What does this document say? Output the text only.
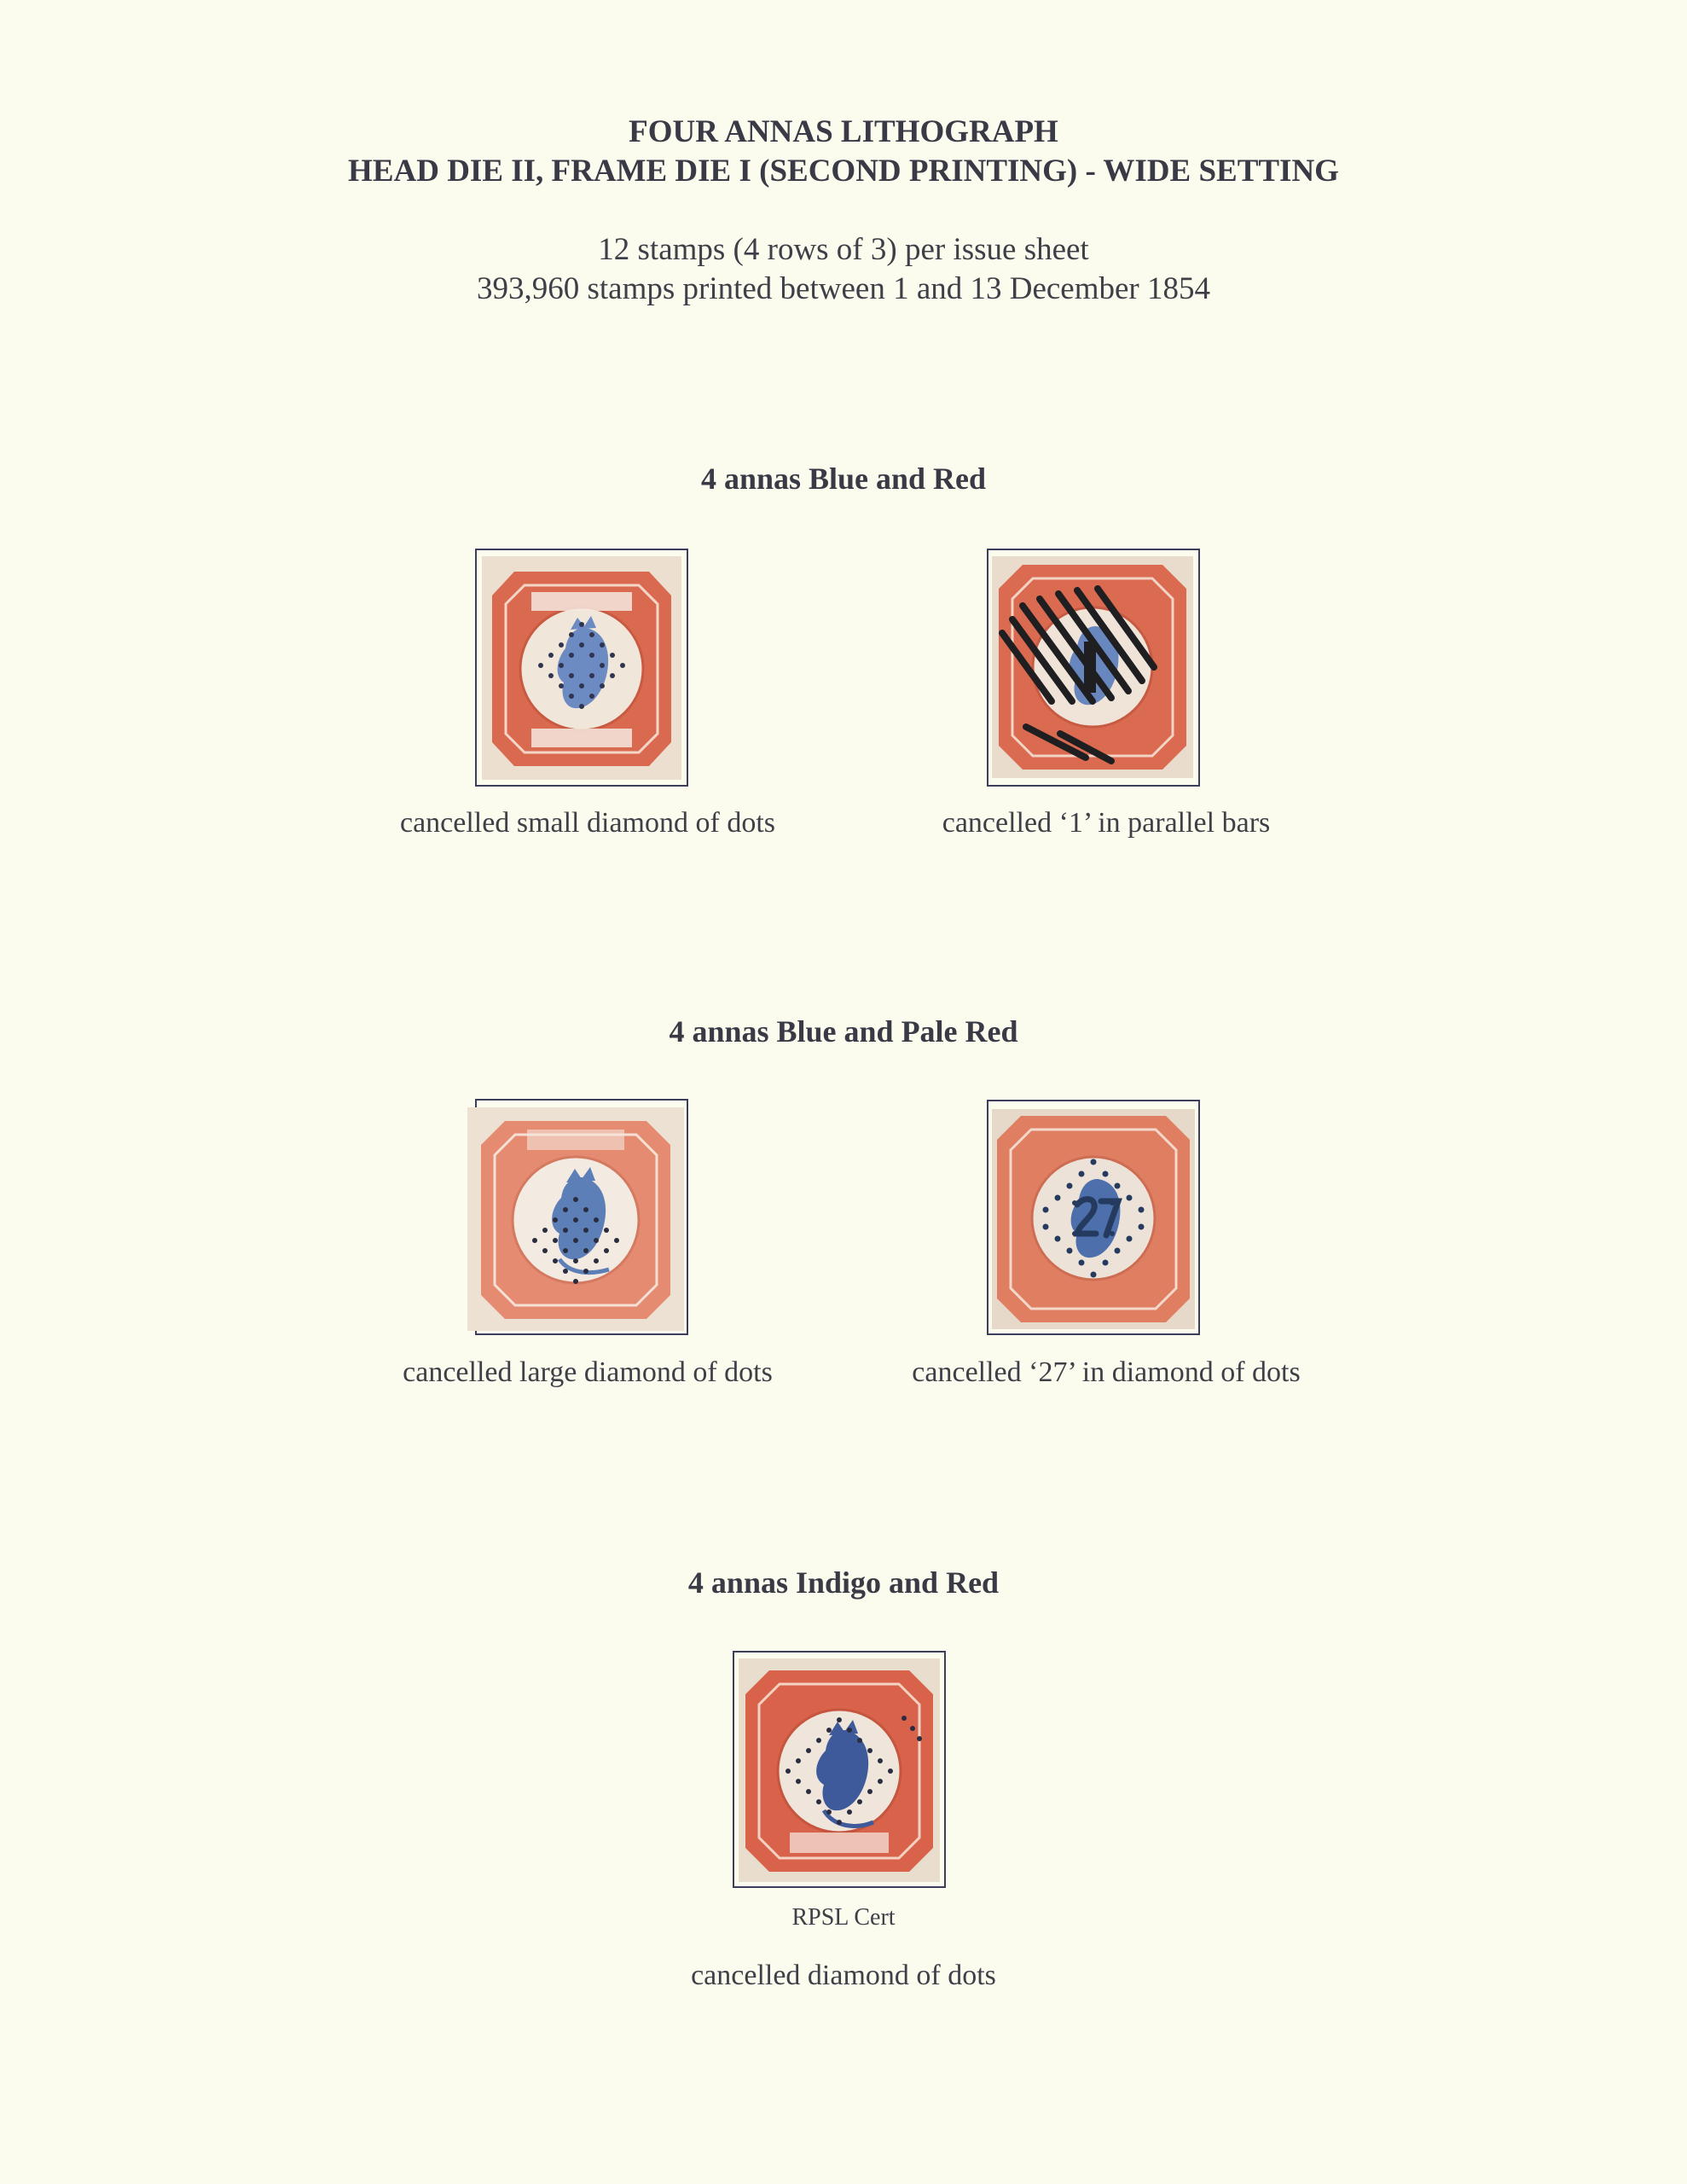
FOUR ANNAS LITHOGRAPH
HEAD DIE II, FRAME DIE I (SECOND PRINTING) - WIDE SETTING
12 stamps (4 rows of 3) per issue sheet
393,960 stamps printed between 1 and 13 December 1854
4 annas Blue and Red
cancelled small diamond of dots	cancelled ‘1’ in parallel bars
4 annas Blue and Pale Red
cancelled large diamond of dots	cancelled ‘27’ in diamond of dots
4 annas Indigo and Red
RPSL Cert
cancelled diamond of dots
